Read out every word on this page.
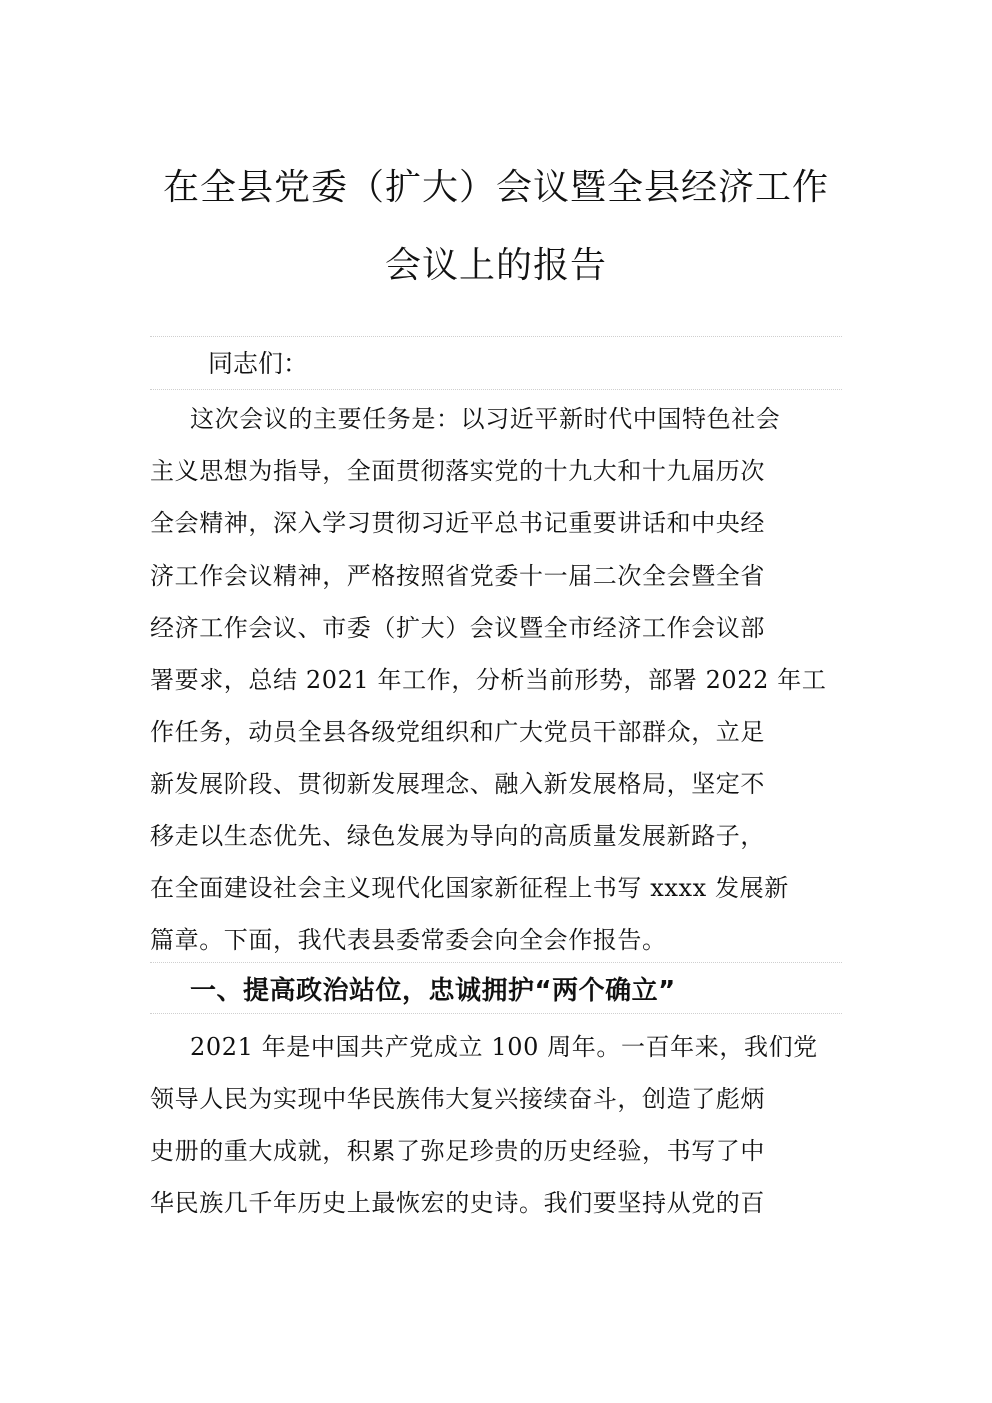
在全县党委（扩大）会议暨全县经济工作
会议上的报告
同志们：
这次会议的主要任务是：以习近平新时代中国特色社会
主义思想为指导，全面贯彻落实党的十九大和十九届历次
全会精神，深入学习贯彻习近平总书记重要讲话和中央经
济工作会议精神，严格按照省党委十一届二次全会暨全省
经济工作会议、市委（扩大）会议暨全市经济工作会议部
署要求，总结 2021 年工作，分析当前形势，部署 2022 年工
作任务，动员全县各级党组织和广大党员干部群众，立足
新发展阶段、贯彻新发展理念、融入新发展格局，坚定不
移走以生态优先、绿色发展为导向的高质量发展新路子，
在全面建设社会主义现代化国家新征程上书写 xxxx 发展新
篇章。下面，我代表县委常委会向全会作报告。
一、提高政治站位，忠诚拥护“两个确立”
2021 年是中国共产党成立 100 周年。一百年来，我们党
领导人民为实现中华民族伟大复兴接续奋斗，创造了彪炳
史册的重大成就，积累了弥足珍贵的历史经验，书写了中
华民族几千年历史上最恢宏的史诗。我们要坚持从党的百
